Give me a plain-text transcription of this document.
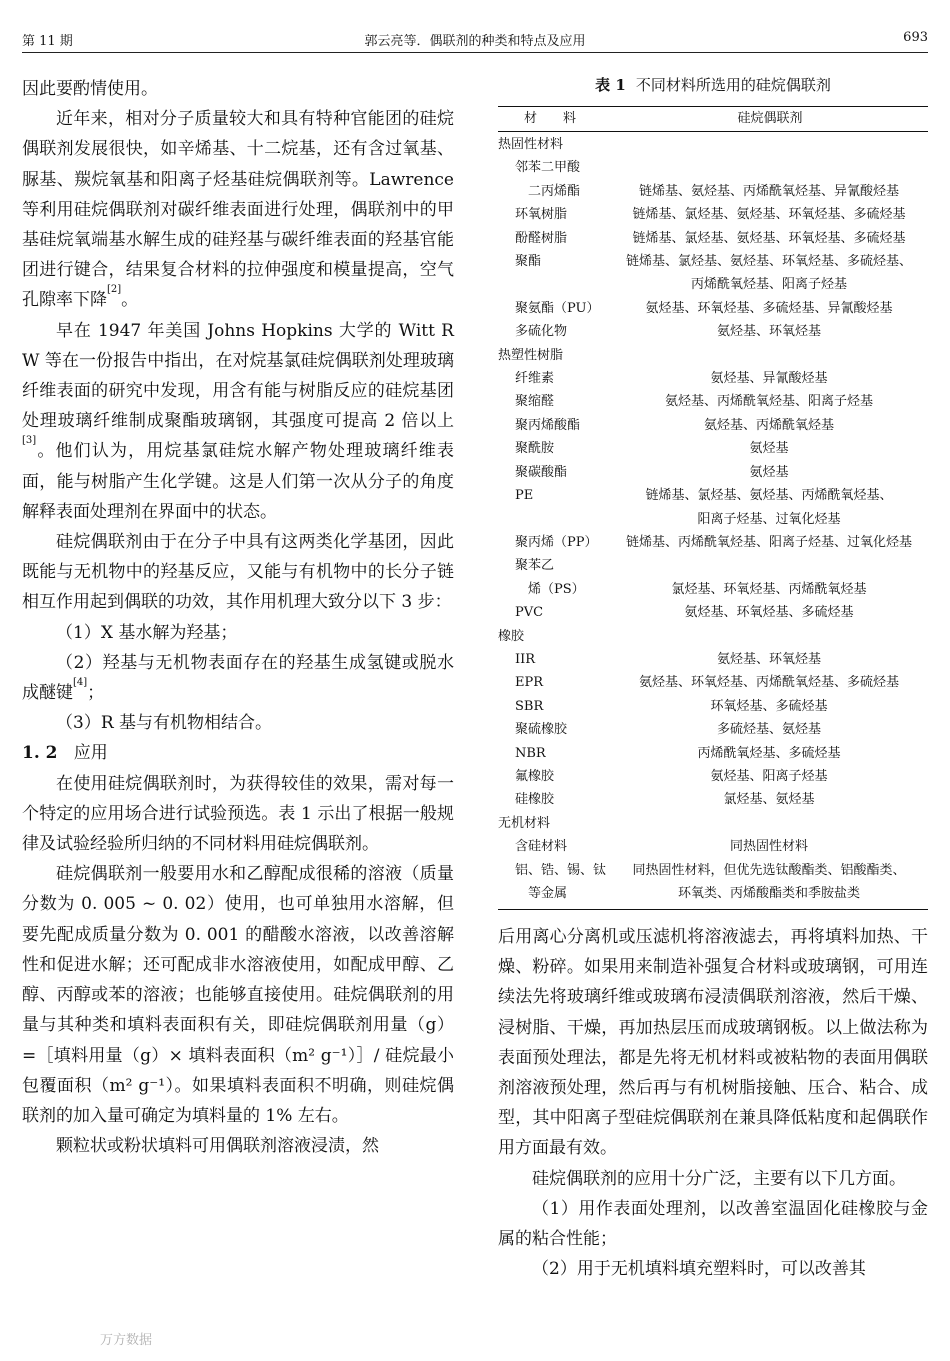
第 11 期	郭云亮等．偶联剂的种类和特点及应用	693

因此要酌情使用。

近年来，相对分子质量较大和具有特种官能团的硅烷偶联剂发展很快，如辛烯基、十二烷基，还有含过氧基、脲基、羰烷氧基和阳离子烃基硅烷偶联剂等。Lawrence 等利用硅烷偶联剂对碳纤维表面进行处理，偶联剂中的甲基硅烷氧端基水解生成的硅羟基与碳纤维表面的羟基官能团进行键合，结果复合材料的拉伸强度和模量提高，空气孔隙率下降[2]。

早在 1947 年美国 Johns Hopkins 大学的 Witt R W 等在一份报告中指出，在对烷基氯硅烷偶联剂处理玻璃纤维表面的研究中发现，用含有能与树脂反应的硅烷基团处理玻璃纤维制成聚酯玻璃钢，其强度可提高 2 倍以上[3]。他们认为，用烷基氯硅烷水解产物处理玻璃纤维表面，能与树脂产生化学键。这是人们第一次从分子的角度解释表面处理剂在界面中的状态。

硅烷偶联剂由于在分子中具有这两类化学基团，因此既能与无机物中的羟基反应，又能与有机物中的长分子链相互作用起到偶联的功效，其作用机理大致分以下 3 步：

（1）X 基水解为羟基；

（2）羟基与无机物表面存在的羟基生成氢键或脱水成醚键[4]；

（3）R 基与有机物相结合。

1. 2 应用

在使用硅烷偶联剂时，为获得较佳的效果，需对每一个特定的应用场合进行试验预选。表 1 示出了根据一般规律及试验经验所归纳的不同材料用硅烷偶联剂。

硅烷偶联剂一般要用水和乙醇配成很稀的溶液（质量分数为 0. 005 ~ 0. 02）使用，也可单独用水溶解，但要先配成质量分数为 0. 001 的醋酸水溶液，以改善溶解性和促进水解；还可配成非水溶液使用，如配成甲醇、乙醇、丙醇或苯的溶液；也能够直接使用。硅烷偶联剂的用量与其种类和填料表面积有关，即硅烷偶联剂用量（g）=［填料用量（g）× 填料表面积（m² g⁻¹）］/ 硅烷最小包覆面积（m² g⁻¹）。如果填料表面积不明确，则硅烷偶联剂的加入量可确定为填料量的 1% 左右。

颗粒状或粉状填料可用偶联剂溶液浸渍，然

万方数据
表 1 不同材料所选用的硅烷偶联剂
材　　料	硅烷偶联剂
热固性材料
邻苯二甲酸
二丙烯酯	链烯基、氨烃基、丙烯酰氧烃基、异氰酸烃基
环氧树脂	链烯基、氯烃基、氨烃基、环氧烃基、多硫烃基
酚醛树脂	链烯基、氯烃基、氨烃基、环氧烃基、多硫烃基
聚酯	链烯基、氯烃基、氨烃基、环氧烃基、多硫烃基、
丙烯酰氧烃基、阳离子烃基
聚氨酯（PU）	氨烃基、环氧烃基、多硫烃基、异氰酸烃基
多硫化物	氨烃基、环氧烃基
热塑性树脂
纤维素	氨烃基、异氰酸烃基
聚缩醛	氨烃基、丙烯酰氧烃基、阳离子烃基
聚丙烯酸酯	氨烃基、丙烯酰氧烃基
聚酰胺	氨烃基
聚碳酸酯	氨烃基
PE	链烯基、氯烃基、氨烃基、丙烯酰氧烃基、
阳离子烃基、过氧化烃基
聚丙烯（PP）	链烯基、丙烯酰氧烃基、阳离子烃基、过氧化烃基
聚苯乙
烯（PS）	氯烃基、环氧烃基、丙烯酰氧烃基
PVC	氨烃基、环氧烃基、多硫烃基
橡胶
IIR	氨烃基、环氧烃基
EPR	氨烃基、环氧烃基、丙烯酰氧烃基、多硫烃基
SBR	环氧烃基、多硫烃基
聚硫橡胶	多硫烃基、氨烃基
NBR	丙烯酰氧烃基、多硫烃基
氟橡胶	氨烃基、阳离子烃基
硅橡胶	氯烃基、氨烃基
无机材料
含硅材料	同热固性材料
铝、锆、锡、钛	同热固性材料，但优先选钛酸酯类、铝酸酯类、
等金属	环氧类、丙烯酸酯类和季胺盐类

后用离心分离机或压滤机将溶液滤去，再将填料加热、干燥、粉碎。如果用来制造补强复合材料或玻璃钢，可用连续法先将玻璃纤维或玻璃布浸渍偶联剂溶液，然后干燥、浸树脂、干燥，再加热层压而成玻璃钢板。以上做法称为表面预处理法，都是先将无机材料或被粘物的表面用偶联剂溶液预处理，然后再与有机树脂接触、压合、粘合、成型，其中阳离子型硅烷偶联剂在兼具降低粘度和起偶联作用方面最有效。

硅烷偶联剂的应用十分广泛，主要有以下几方面。

（1）用作表面处理剂，以改善室温固化硅橡胶与金属的粘合性能；

（2）用于无机填料填充塑料时，可以改善其
